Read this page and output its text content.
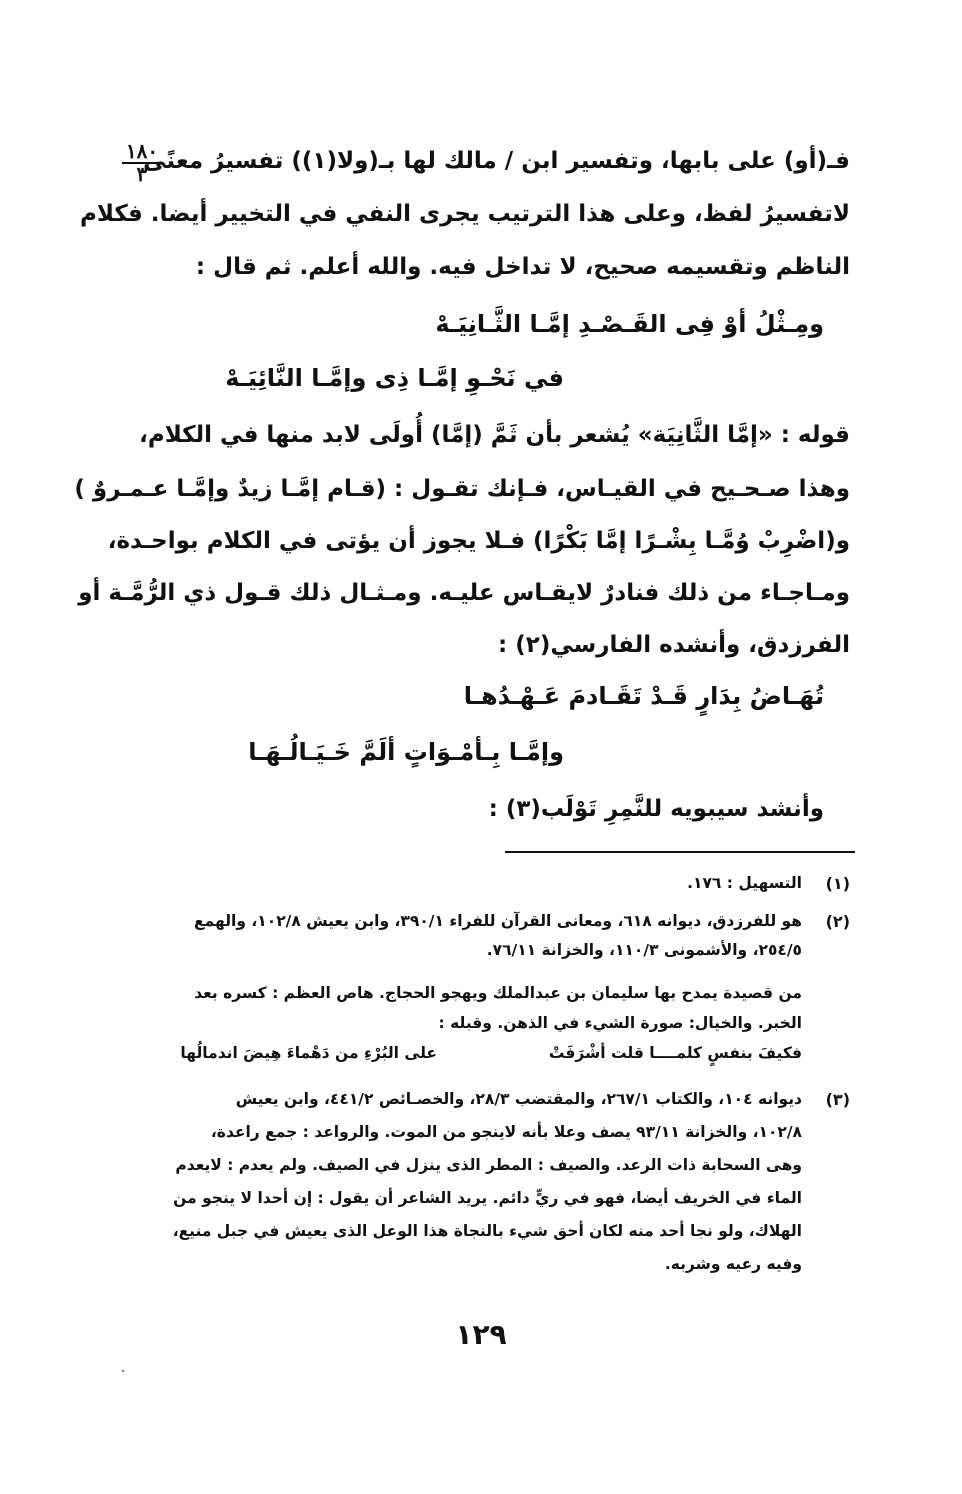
١٨٠
٣
فـ(أو) على بابها، وتفسير ابن / مالك لها بـ(ولا(١)) تفسيرُ معنًى
لاتفسيرُ لفظ، وعلى هذا الترتيب يجرى النفي في التخيير أيضا. فكلام
الناظم وتقسيمه صحيح، لا تداخل فيه. والله أعلم. ثم قال :
ومِـثْلُ أوْ فِى القَـصْـدِ إمَّـا الثَّـانِيَـهْ
في نَحْـوِ إمَّـا ذِى وإمَّـا النَّائِيَـهْ
قوله : «إمَّا الثَّانِيَة» يُشعر بأن ثَمَّ (إمَّا) أُولَى لابد منها في الكلام،
وهذا صـحـيح في القيـاس، فـإنك تقـول : (قـام إمَّـا زيدٌ وإمَّـا عـمـروٌ )
و(اضْرِبْ وُمَّـا بِشْـرًا إمَّا بَكْرًا) فـلا يجوز أن يؤتى في الكلام بواحـدة،
ومـاجـاء من ذلك فنادرٌ لايقـاس عليـه. ومـثـال ذلك قـول ذي الرُّمَّـة أو
الفرزدق، وأنشده الفارسي(٢) :
تُهَـاضُ بِدَارٍ قَـدْ تَقَـادمَ عَـهْـدُهـا
وإمَّـا بِـأمْـوَاتٍ ألَمَّ خَـيَـالُـهَـا
وأنشد سيبويه للنَّمِرِ تَوْلَب(٣) :
(١)
التسهيل : ١٧٦.
(٢)
هو للفرزدق، ديوانه ٦١٨، ومعانى القرآن للفراء ٣٩٠/١، وابن يعيش ١٠٢/٨، والهمع
٢٥٤/٥، والأشمونى ١١٠/٣، والخزانة ٧٦/١١.
من قصيدة يمدح بها سليمان بن عبدالملك ويهجو الحجاج. هاص العظم : كسره بعد
الخبر. والخيال: صورة الشيء في الذهن. وقبله :
فكيفَ بنفسٍ كلمــــا قلت أشْرَفَتْ
على البُرْءِ من دَهْماءَ هِيضَ اندمالُها
(٣)
ديوانه ١٠٤، والكتاب ٢٦٧/١، والمقتضب ٢٨/٣، والخصـائص ٤٤١/٢، وابن يعيش
١٠٢/٨، والخزانة ٩٣/١١ يصف وعلا بأنه لاينجو من الموت. والرواعد : جمع راعدة،
وهى السحابة ذات الرعد. والصيف : المطر الذى ينزل في الصيف. ولم يعدم : لايعدم
الماء في الخريف أيضا، فهو في ريٍّ دائم. يريد الشاعر أن يقول : إن أحدا لا ينجو من
الهلاك، ولو نجا أحد منه لكان أحق شيء بالنجاة هذا الوعل الذى يعيش في جبل منيع،
وفيه رعيه وشربه.
١٢٩
